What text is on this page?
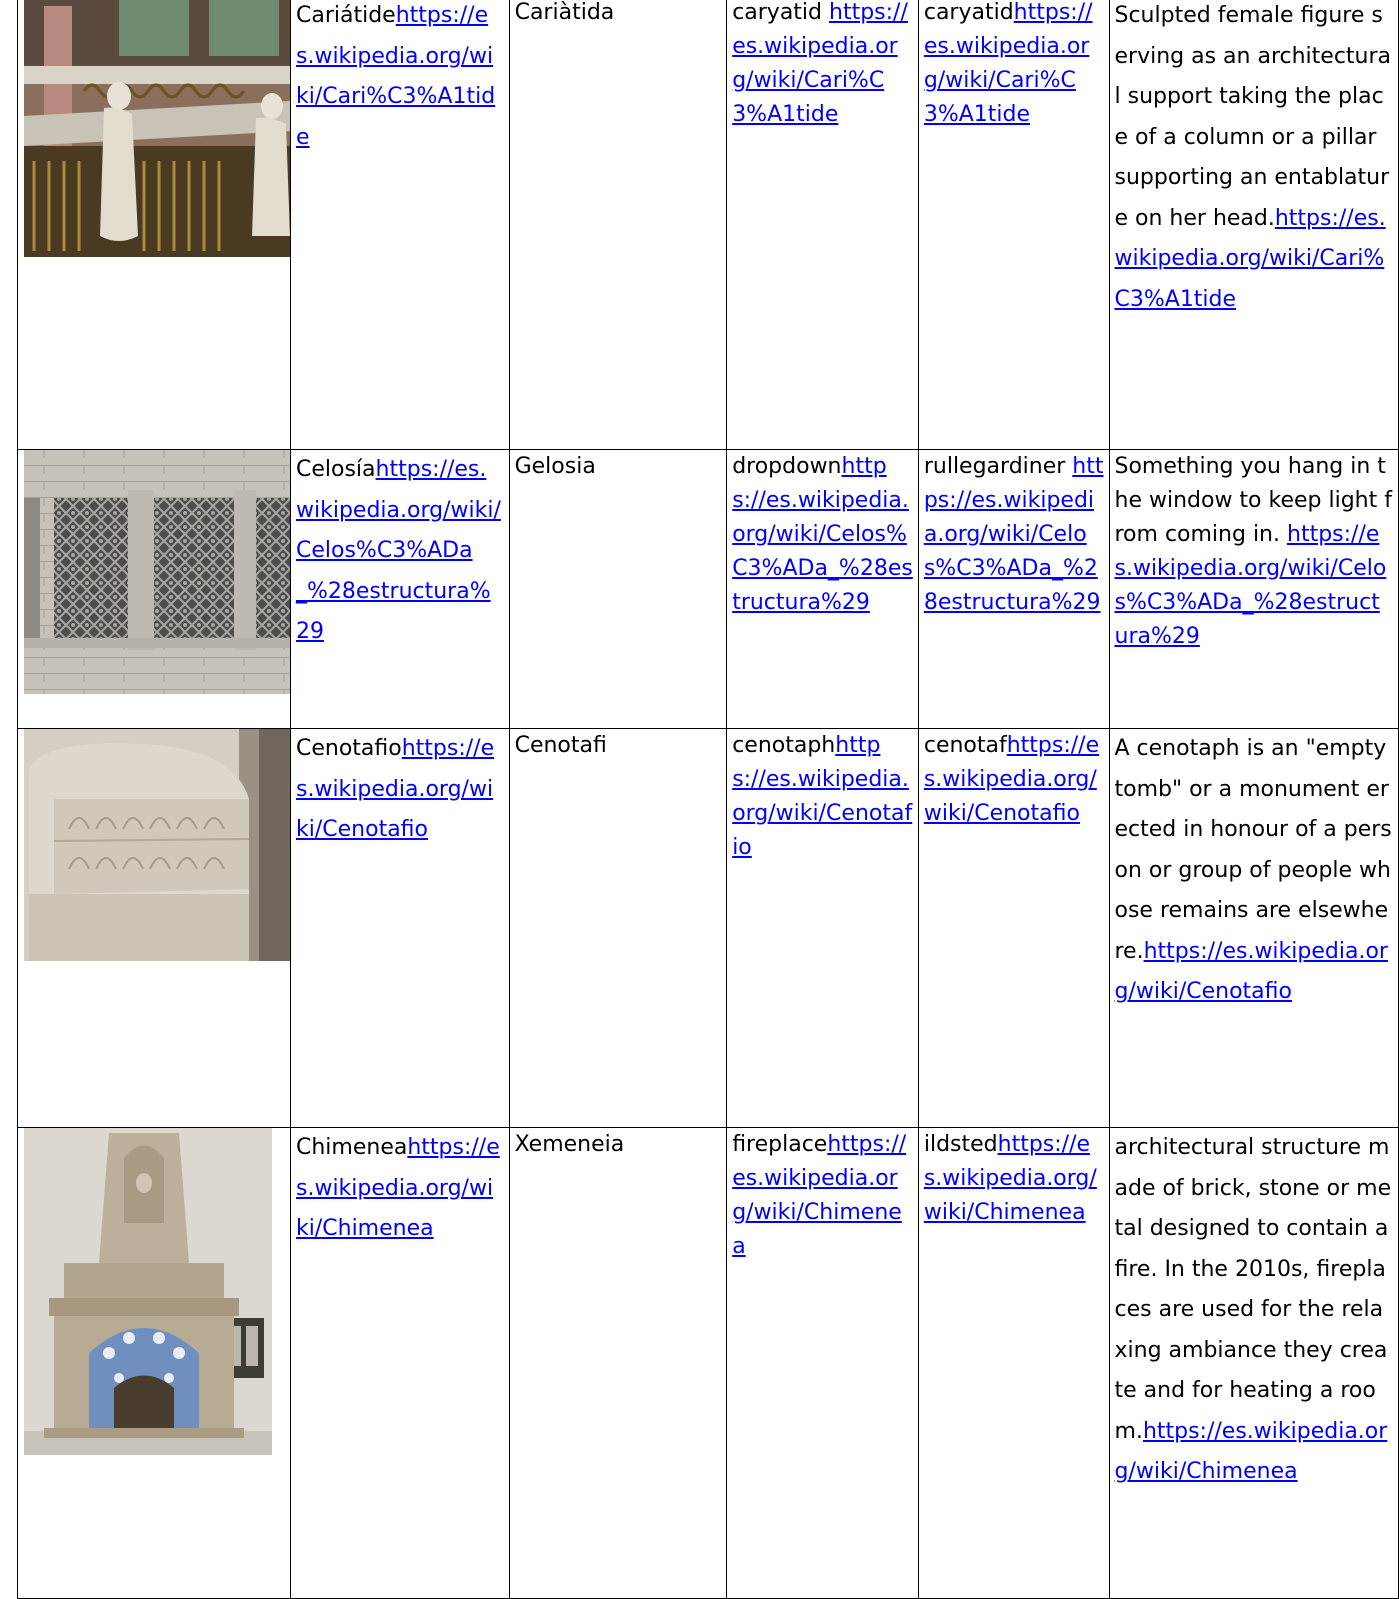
	Cariátidehttps://es.wikipedia.org/wiki/Cari%C3%A1tide	Cariàtida	caryatid https://es.wikipedia.org/wiki/Cari%C3%A1tide	caryatidhttps://es.wikipedia.org/wiki/Cari%C3%A1tide	Sculpted female figure serving as an architectural support taking the place of a column or a pillar supporting an entablature on her head.https://es.wikipedia.org/wiki/Cari%C3%A1tide

	Celosíahttps://es.wikipedia.org/wiki/Celos%C3%ADa_%28estructura%29	Gelosia	dropdownhttps://es.wikipedia.org/wiki/Celos%C3%ADa_%28estructura%29	rullegardiner https://es.wikipedia.org/wiki/Celos%C3%ADa_%28estructura%29	Something you hang in the window to keep light from coming in. https://es.wikipedia.org/wiki/Celos%C3%ADa_%28estructura%29

	Cenotafiohttps://es.wikipedia.org/wiki/Cenotafio	Cenotafi	cenotaphhttps://es.wikipedia.org/wiki/Cenotafio	cenotafhttps://es.wikipedia.org/wiki/Cenotafio	A cenotaph is an "empty tomb" or a monument erected in honour of a person or group of people whose remains are elsewhere.https://es.wikipedia.org/wiki/Cenotafio

	Chimeneahttps://es.wikipedia.org/wiki/Chimenea	Xemeneia	fireplacehttps://es.wikipedia.org/wiki/Chimenea	ildstedhttps://es.wikipedia.org/wiki/Chimenea	architectural structure made of brick, stone or metal designed to contain a fire. In the 2010s, fireplaces are used for the relaxing ambiance they create and for heating a room.https://es.wikipedia.org/wiki/Chimenea
